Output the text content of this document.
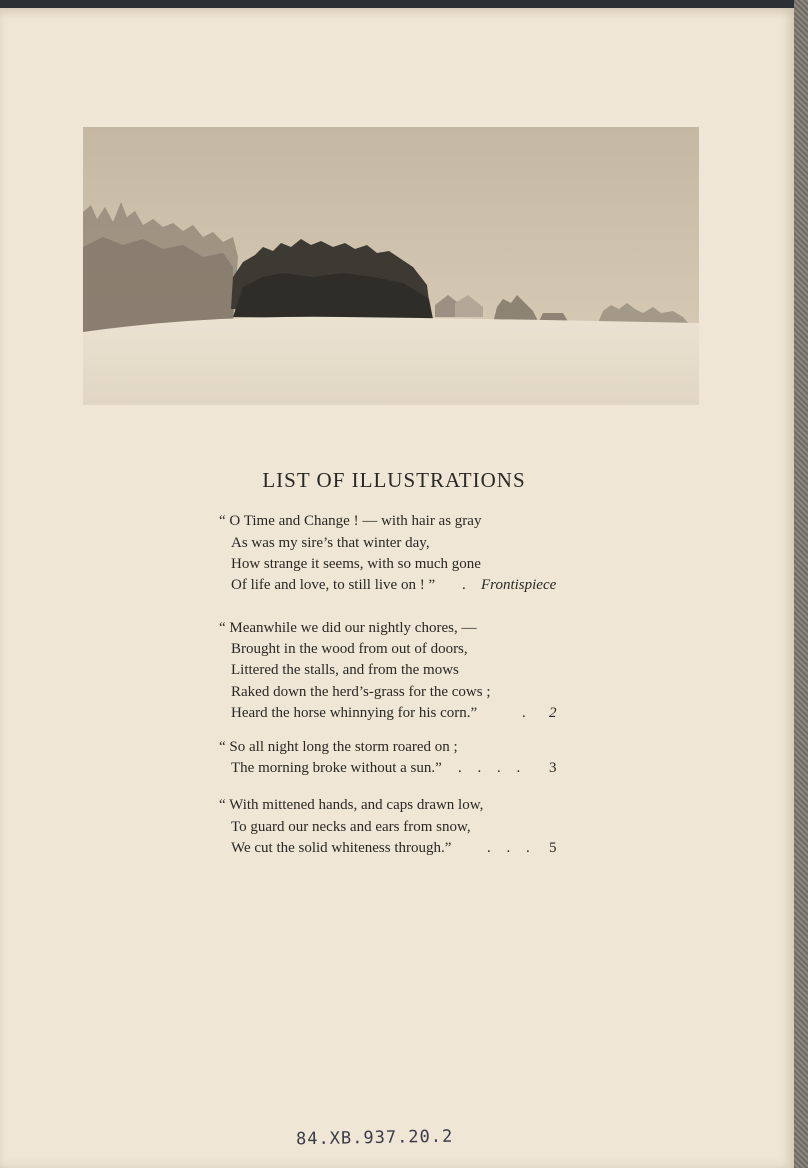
LIST OF ILLUSTRATIONS
“ O Time and Change ! — with hair as gray
As was my sire’s that winter day,
How strange it seems, with so much gone
Of life and love, to still live on ! ” . Frontispiece
“ Meanwhile we did our nightly chores, —
Brought in the wood from out of doors,
Littered the stalls, and from the mows
Raked down the herd’s-grass for the cows ;
Heard the horse whinnying for his corn.”	. 2
“ So all night long the storm roared on ;
The morning broke without a sun.” . . . . 3
“ With mittened hands, and caps drawn low,
To guard our necks and ears from snow,
We cut the solid whiteness through.” . . . 5
84.XB.937.20.2
